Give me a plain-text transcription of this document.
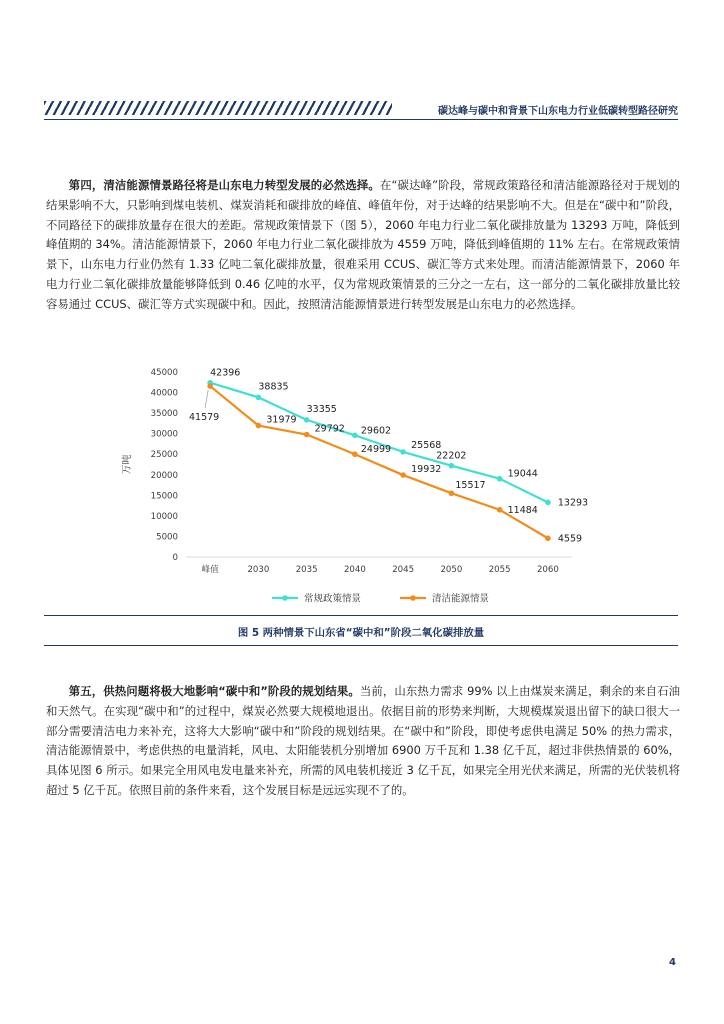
碳达峰与碳中和背景下山东电力行业低碳转型路径研究

第四，清洁能源情景路径将是山东电力转型发展的必然选择。在“碳达峰”阶段，常规政策路径和清洁能源路径对于规划的结果影响不大，只影响到煤电装机、煤炭消耗和碳排放的峰值、峰值年份，对于达峰的结果影响不大。但是在“碳中和”阶段，不同路径下的碳排放量存在很大的差距。常规政策情景下（图 5），2060 年电力行业二氧化碳排放量为 13293 万吨，降低到峰值期的 34%。清洁能源情景下，2060 年电力行业二氧化碳排放为 4559 万吨，降低到峰值期的 11% 左右。在常规政策情景下，山东电力行业仍然有 1.33 亿吨二氧化碳排放量，很难采用 CCUS、碳汇等方式来处理。而清洁能源情景下，2060 年电力行业二氧化碳排放量能够降低到 0.46 亿吨的水平，仅为常规政策情景的三分之一左右，这一部分的二氧化碳排放量比较容易通过 CCUS、碳汇等方式实现碳中和。因此，按照清洁能源情景进行转型发展是山东电力的必然选择。

0
5000
10000
15000
20000
25000
30000
35000
40000
45000
峰值	2030	2035	2040	2045	2050	2055	2060
万吨
42396
38835
33355
29602
25568
22202
19044
13293
41579	31979
29792
24999
19932
15517
11484
4559
常规政策情景	清洁能源情景
图 5 两种情景下山东省“碳中和”阶段二氧化碳排放量

第五，供热问题将极大地影响“碳中和”阶段的规划结果。当前，山东热力需求 99% 以上由煤炭来满足，剩余的来自石油和天然气。在实现“碳中和”的过程中，煤炭必然要大规模地退出。依据目前的形势来判断，大规模煤炭退出留下的缺口很大一部分需要清洁电力来补充，这将大大影响“碳中和”阶段的规划结果。在“碳中和”阶段，即使考虑供电满足 50% 的热力需求，清洁能源情景中，考虑供热的电量消耗，风电、太阳能装机分别增加 6900 万千瓦和 1.38 亿千瓦，超过非供热情景的 60%，具体见图 6 所示。如果完全用风电发电量来补充，所需的风电装机接近 3 亿千瓦，如果完全用光伏来满足，所需的光伏装机将超过 5 亿千瓦。依照目前的条件来看，这个发展目标是远远实现不了的。

4
